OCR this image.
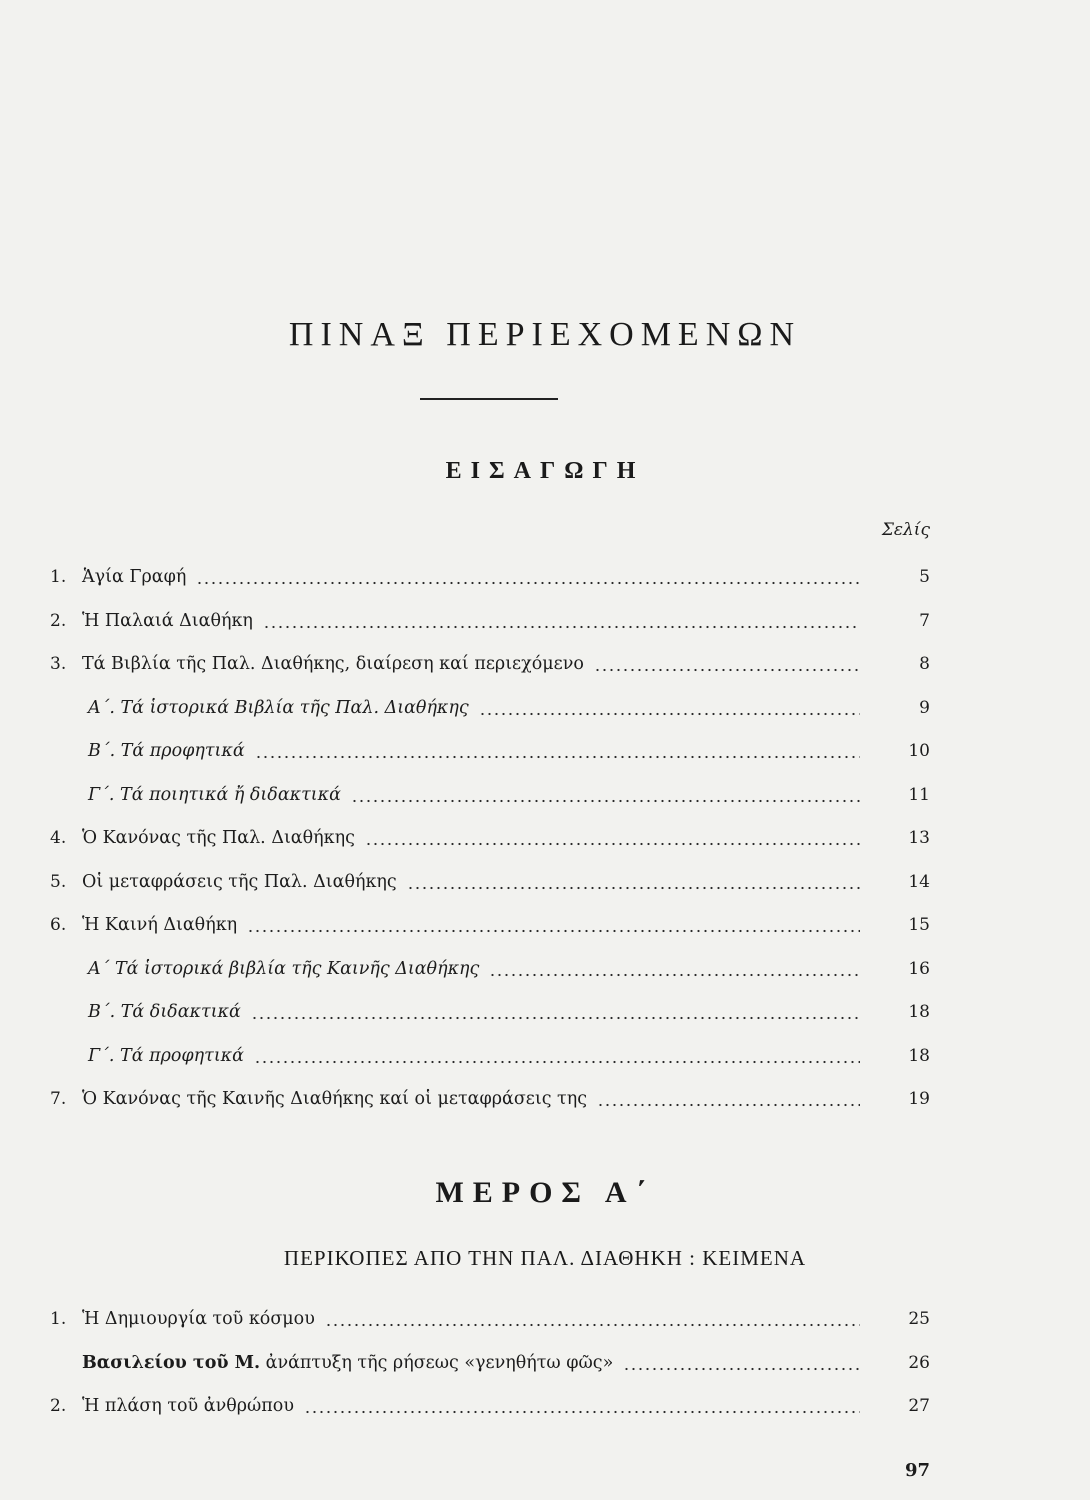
ΠΙΝΑΞ ΠΕΡΙΕΧΟΜΕΝΩΝ
ΕΙΣΑΓΩΓΗ
Σελίς
1. Ἁγία Γραφή	5
2. Ἡ Παλαιά Διαθήκη	7
3. Τά Βιβλία τῆς Παλ. Διαθήκης, διαίρεση καί περιεχόμενο	8
Α΄. Τά ἱστορικά Βιβλία τῆς Παλ. Διαθήκης	9
Β΄. Τά προφητικά	10
Γ΄. Τά ποιητικά ἤ διδακτικά	11
4. Ὁ Κανόνας τῆς Παλ. Διαθήκης	13
5. Οἱ μεταφράσεις τῆς Παλ. Διαθήκης	14
6. Ἡ Καινή Διαθήκη	15
Α΄ Τά ἱστορικά βιβλία τῆς Καινῆς Διαθήκης	16
Β΄. Τά διδακτικά	18
Γ΄. Τά προφητικά	18
7. Ὁ Κανόνας τῆς Καινῆς Διαθήκης καί οἱ μεταφράσεις της	19
ΜΕΡΟΣ Α΄
ΠΕΡΙΚΟΠΕΣ ΑΠΟ ΤΗΝ ΠΑΛ. ΔΙΑΘΗΚΗ : ΚΕΙΜΕΝΑ
1. Ἡ Δημιουργία τοῦ κόσμου	25
Βασιλείου τοῦ Μ. ἀνάπτυξη τῆς ρήσεως «γενηθήτω φῶς»	26
2. Ἡ πλάση τοῦ ἀνθρώπου	27
97
